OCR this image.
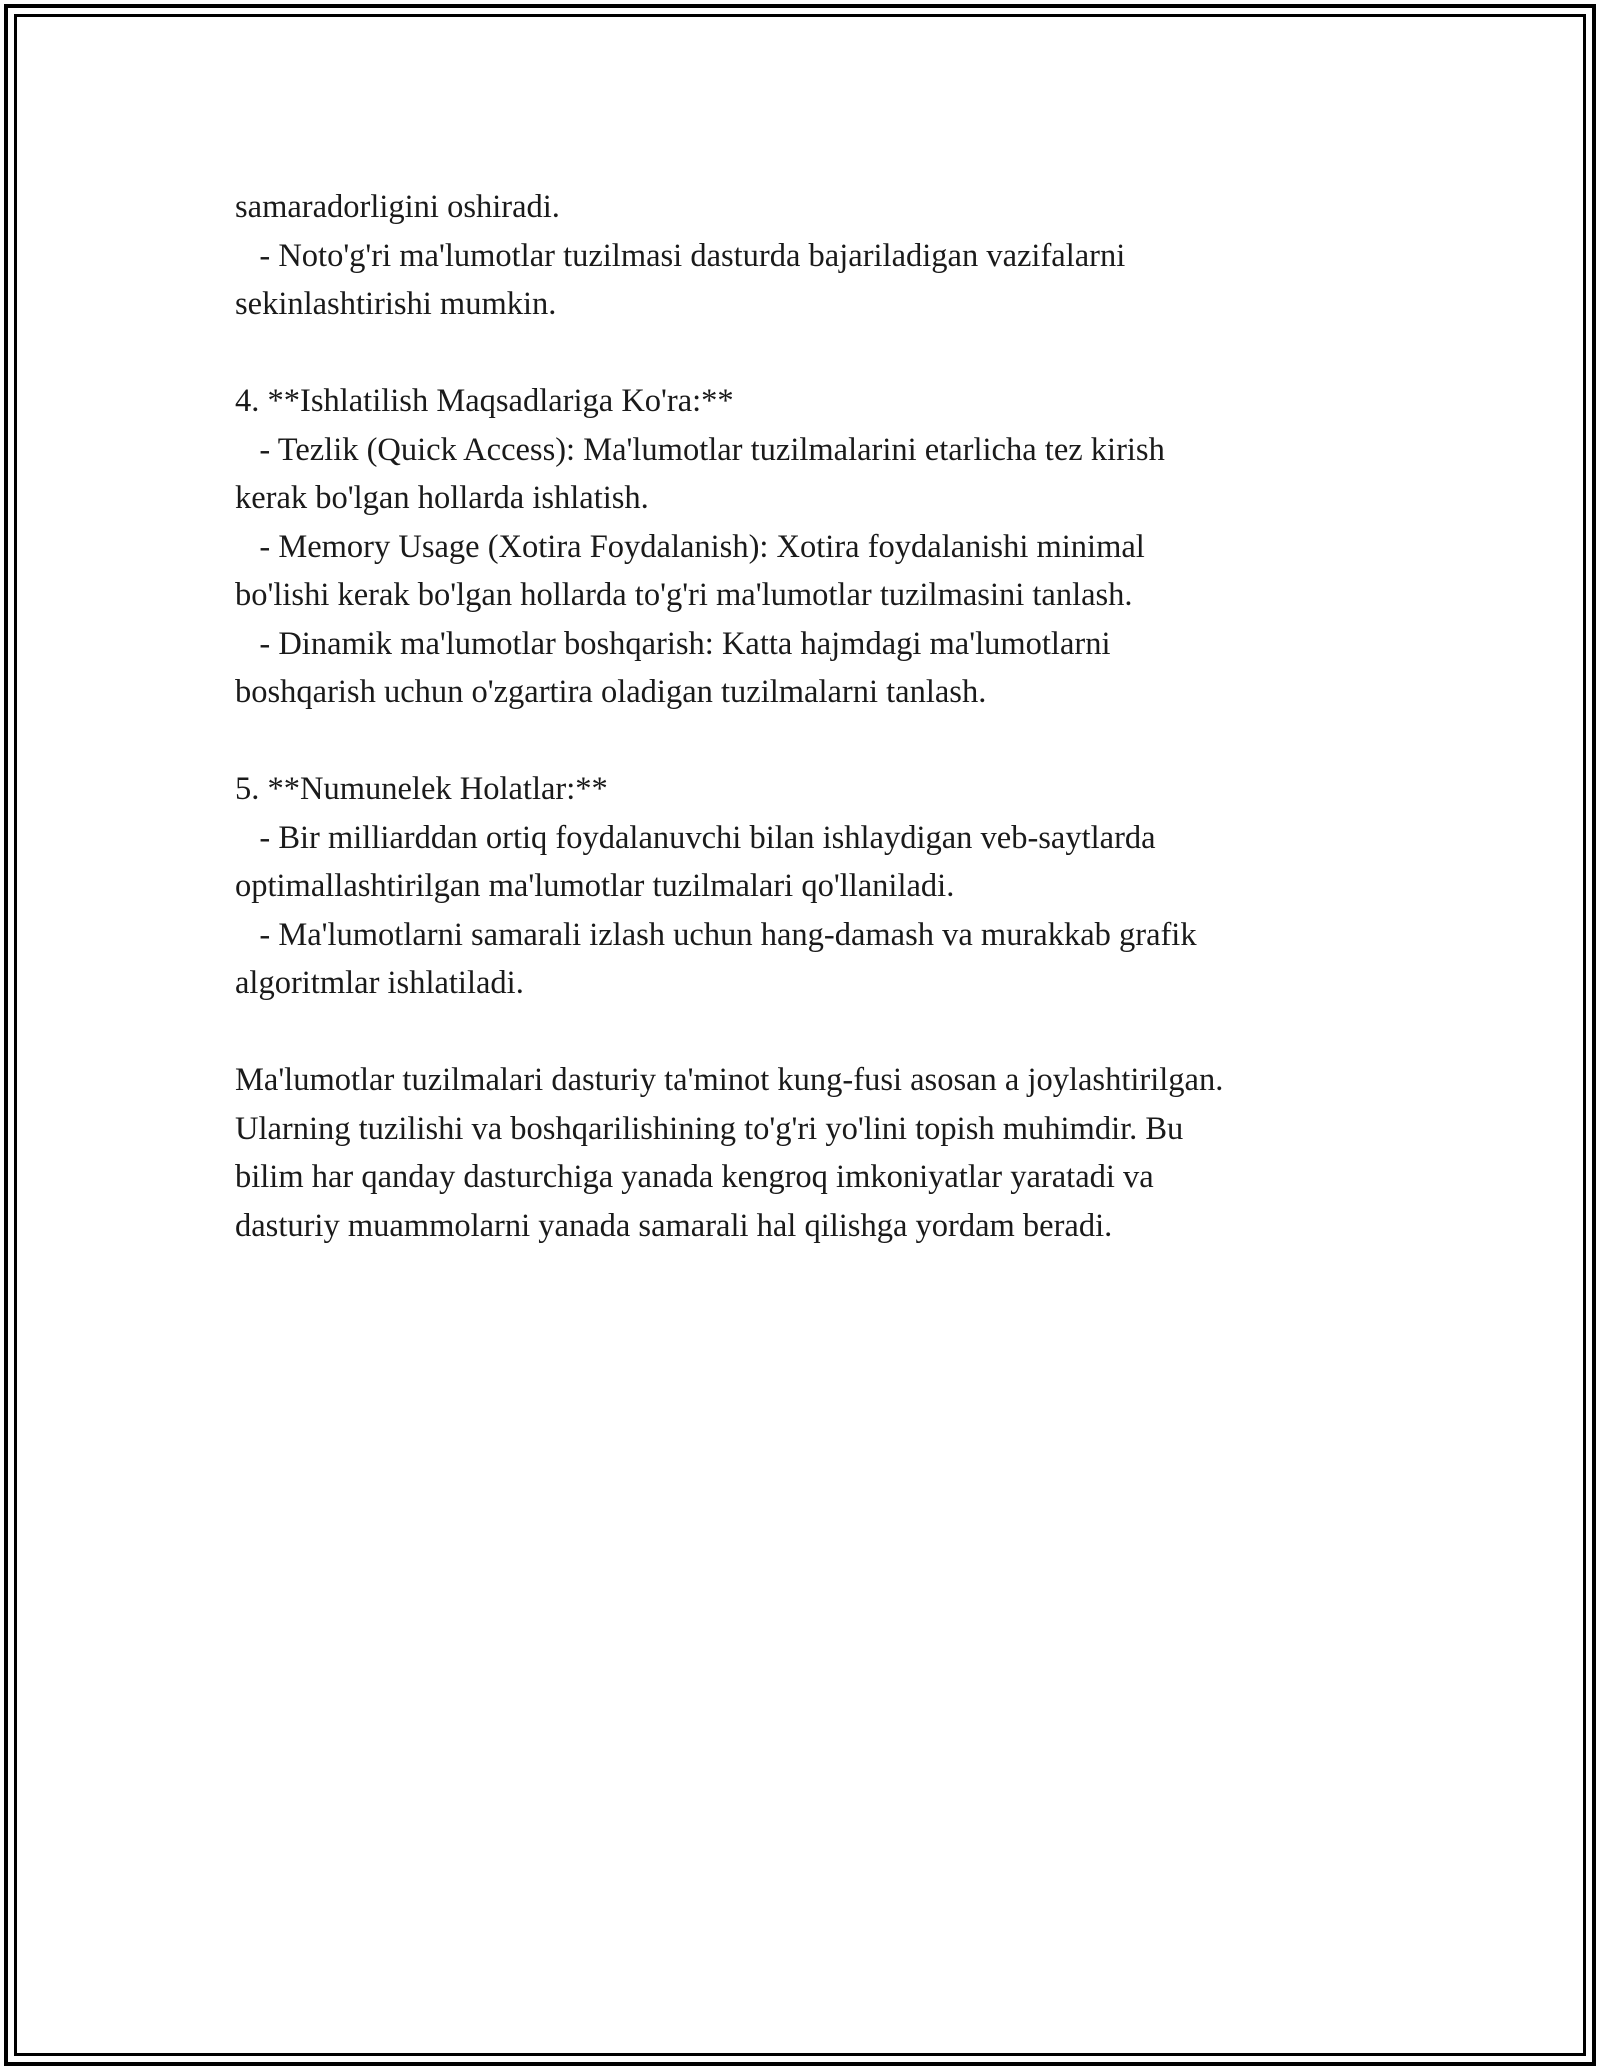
samaradorligini oshiradi.
- Noto'g'ri ma'lumotlar tuzilmasi dasturda bajariladigan vazifalarni
sekinlashtirishi mumkin.
4. **Ishlatilish Maqsadlariga Ko'ra:**
- Tezlik (Quick Access): Ma'lumotlar tuzilmalarini etarlicha tez kirish
kerak bo'lgan hollarda ishlatish.
- Memory Usage (Xotira Foydalanish): Xotira foydalanishi minimal
bo'lishi kerak bo'lgan hollarda to'g'ri ma'lumotlar tuzilmasini tanlash.
- Dinamik ma'lumotlar boshqarish: Katta hajmdagi ma'lumotlarni
boshqarish uchun o'zgartira oladigan tuzilmalarni tanlash.
5. **Numunelek Holatlar:**
- Bir milliarddan ortiq foydalanuvchi bilan ishlaydigan veb-saytlarda
optimallashtirilgan ma'lumotlar tuzilmalari qo'llaniladi.
- Ma'lumotlarni samarali izlash uchun hang-damash va murakkab grafik
algoritmlar ishlatiladi.
Ma'lumotlar tuzilmalari dasturiy ta'minot kung-fusi asosan a joylashtirilgan.
Ularning tuzilishi va boshqarilishining to'g'ri yo'lini topish muhimdir. Bu
bilim har qanday dasturchiga yanada kengroq imkoniyatlar yaratadi va
dasturiy muammolarni yanada samarali hal qilishga yordam beradi.
